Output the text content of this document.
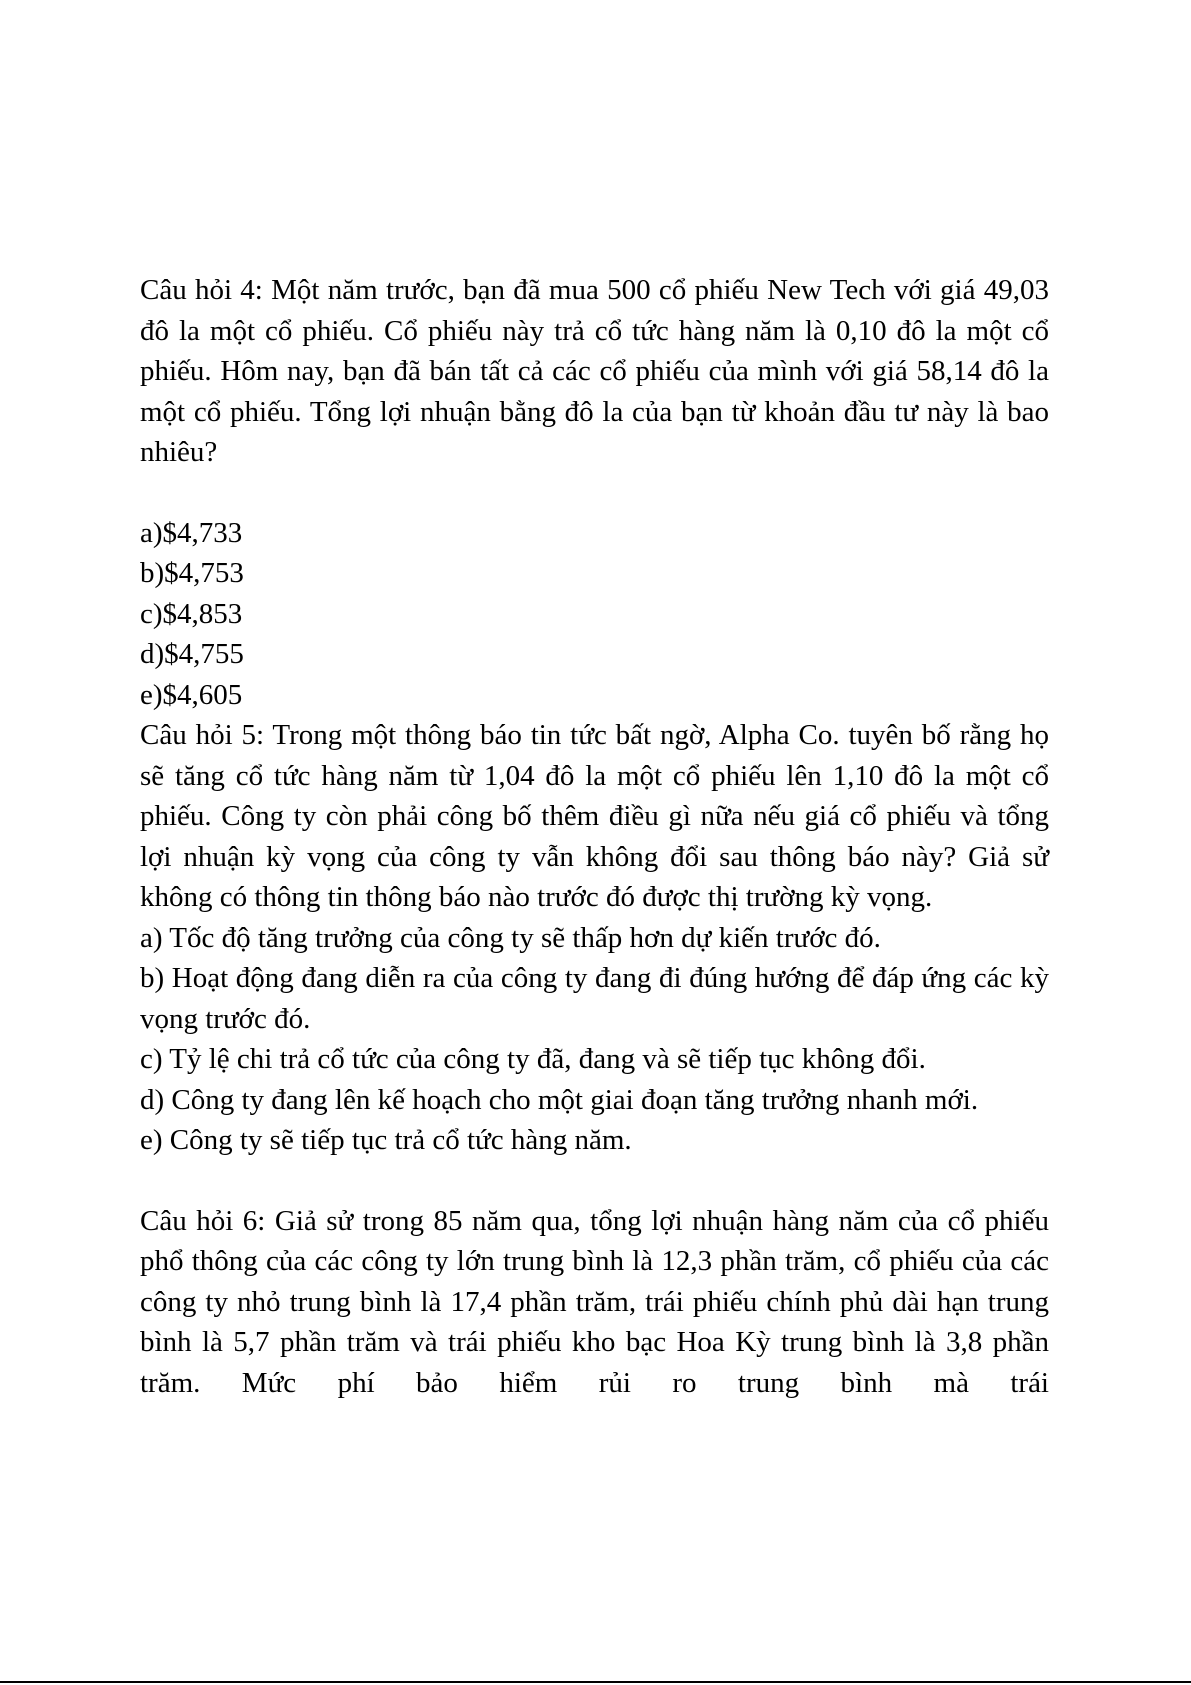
Câu hỏi 4: Một năm trước, bạn đã mua 500 cổ phiếu New Tech với giá 49,03 đô la một cổ phiếu. Cổ phiếu này trả cổ tức hàng năm là 0,10 đô la một cổ phiếu. Hôm nay, bạn đã bán tất cả các cổ phiếu của mình với giá 58,14 đô la một cổ phiếu. Tổng lợi nhuận bằng đô la của bạn từ khoản đầu tư này là bao nhiêu?

a)$4,733
b)$4,753
c)$4,853
d)$4,755
e)$4,605

Câu hỏi 5: Trong một thông báo tin tức bất ngờ, Alpha Co. tuyên bố rằng họ sẽ tăng cổ tức hàng năm từ 1,04 đô la một cổ phiếu lên 1,10 đô la một cổ phiếu. Công ty còn phải công bố thêm điều gì nữa nếu giá cổ phiếu và tổng lợi nhuận kỳ vọng của công ty vẫn không đổi sau thông báo này? Giả sử không có thông tin thông báo nào trước đó được thị trường kỳ vọng.

a) Tốc độ tăng trưởng của công ty sẽ thấp hơn dự kiến trước đó.
b) Hoạt động đang diễn ra của công ty đang đi đúng hướng để đáp ứng các kỳ vọng trước đó.
c) Tỷ lệ chi trả cổ tức của công ty đã, đang và sẽ tiếp tục không đổi.
d) Công ty đang lên kế hoạch cho một giai đoạn tăng trưởng nhanh mới.
e) Công ty sẽ tiếp tục trả cổ tức hàng năm.

Câu hỏi 6: Giả sử trong 85 năm qua, tổng lợi nhuận hàng năm của cổ phiếu phổ thông của các công ty lớn trung bình là 12,3 phần trăm, cổ phiếu của các công ty nhỏ trung bình là 17,4 phần trăm, trái phiếu chính phủ dài hạn trung bình là 5,7 phần trăm và trái phiếu kho bạc Hoa Kỳ trung bình là 3,8 phần trăm. Mức phí bảo hiểm rủi ro trung bình mà trái
